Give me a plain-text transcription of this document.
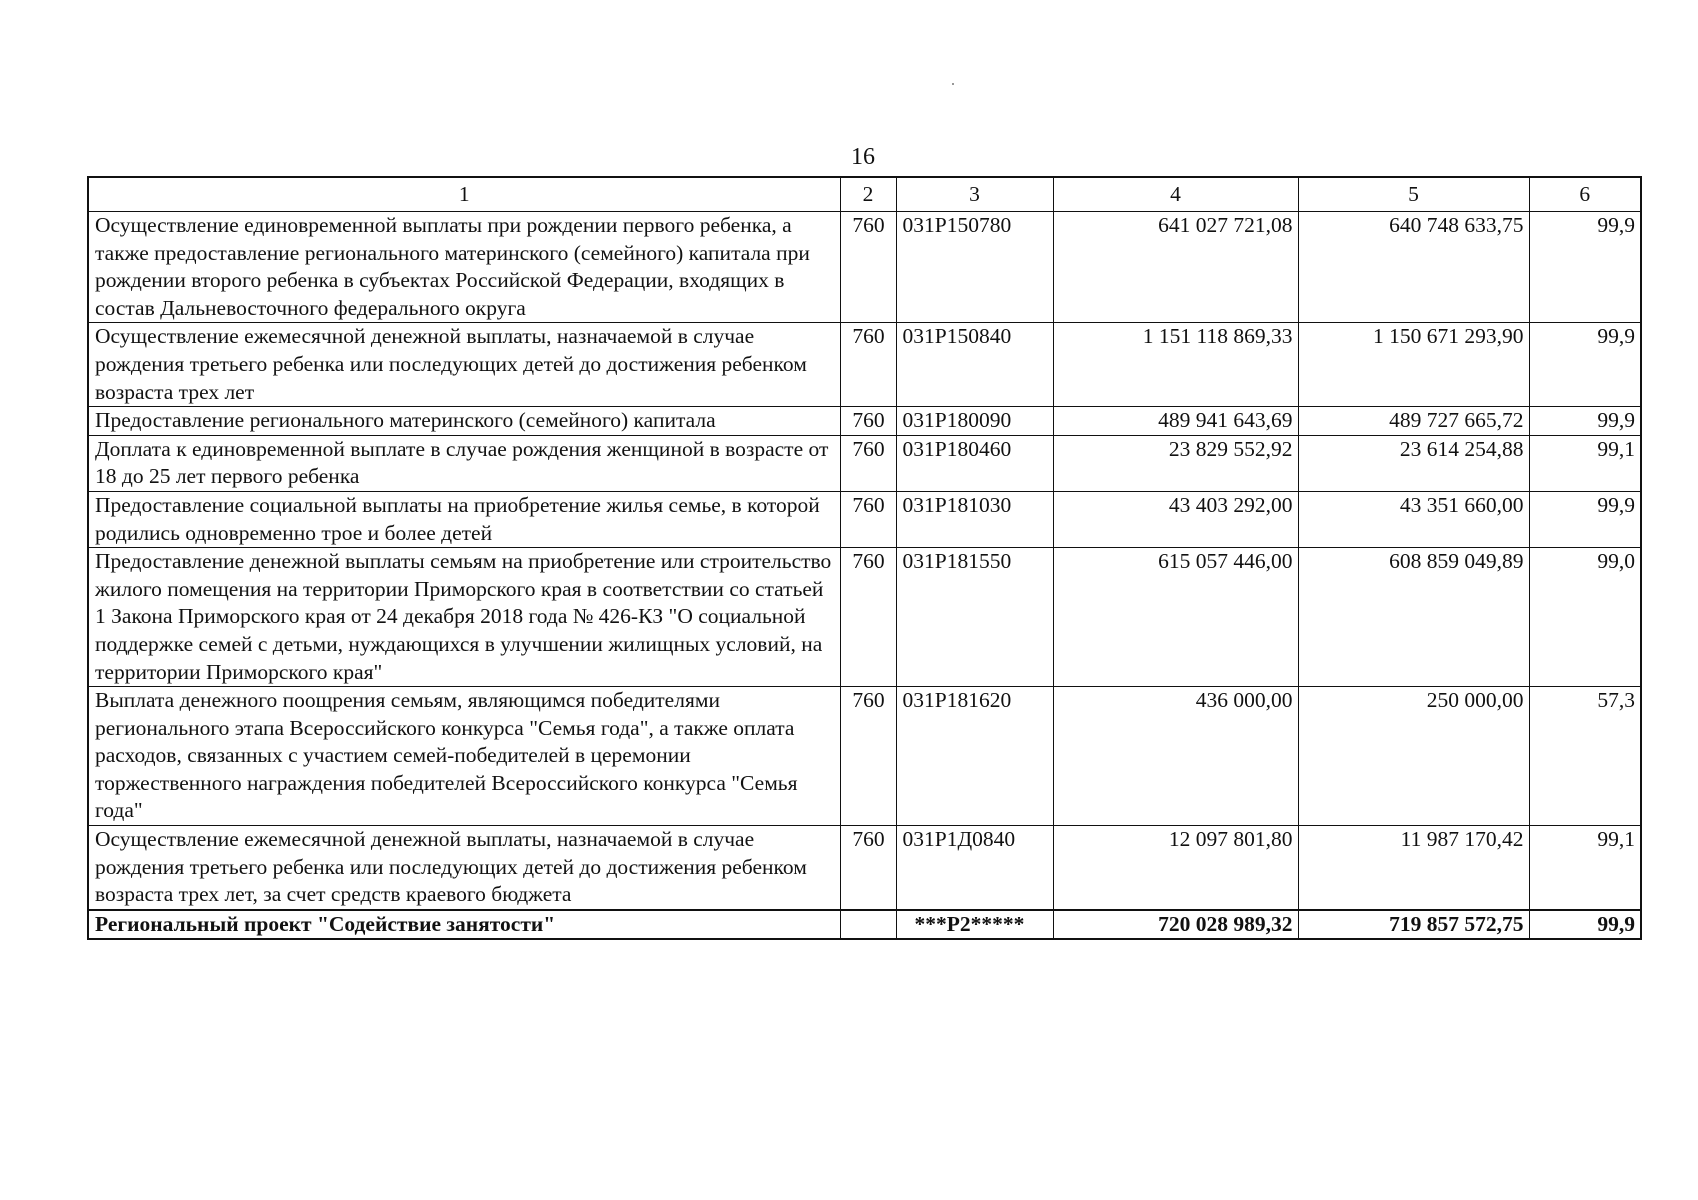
16
1	2	3	4	5	6
Осуществление единовременной выплаты при рождении первого ребенка, а также предоставление регионального материнского (семейного) капитала при рождении второго ребенка в субъектах Российской Федерации, входящих в состав Дальневосточного федерального округа	760	031Р150780	641 027 721,08	640 748 633,75	99,9
Осуществление ежемесячной денежной выплаты, назначаемой в случае рождения третьего ребенка или последующих детей до достижения ребенком возраста трех лет	760	031Р150840	1 151 118 869,33	1 150 671 293,90	99,9
Предоставление регионального материнского (семейного) капитала	760	031Р180090	489 941 643,69	489 727 665,72	99,9
Доплата к единовременной выплате в случае рождения женщиной в возрасте от 18 до 25 лет первого ребенка	760	031Р180460	23 829 552,92	23 614 254,88	99,1
Предоставление социальной выплаты на приобретение жилья семье, в которой родились одновременно трое и более детей	760	031Р181030	43 403 292,00	43 351 660,00	99,9
Предоставление денежной выплаты семьям на приобретение или строительство жилого помещения на территории Приморского края в соответствии со статьей 1 Закона Приморского края от 24 декабря 2018 года № 426-КЗ "О социальной поддержке семей с детьми, нуждающихся в улучшении жилищных условий, на территории Приморского края"	760	031Р181550	615 057 446,00	608 859 049,89	99,0
Выплата денежного поощрения семьям, являющимся победителями регионального этапа Всероссийского конкурса "Семья года", а также оплата расходов, связанных с участием семей-победителей в церемонии торжественного награждения победителей Всероссийского конкурса "Семья года"	760	031Р181620	436 000,00	250 000,00	57,3
Осуществление ежемесячной денежной выплаты, назначаемой в случае рождения третьего ребенка или последующих детей до достижения ребенком возраста трех лет, за счет средств краевого бюджета	760	031Р1Д0840	12 097 801,80	11 987 170,42	99,1
Региональный проект "Содействие занятости"		***Р2*****	720 028 989,32	719 857 572,75	99,9
